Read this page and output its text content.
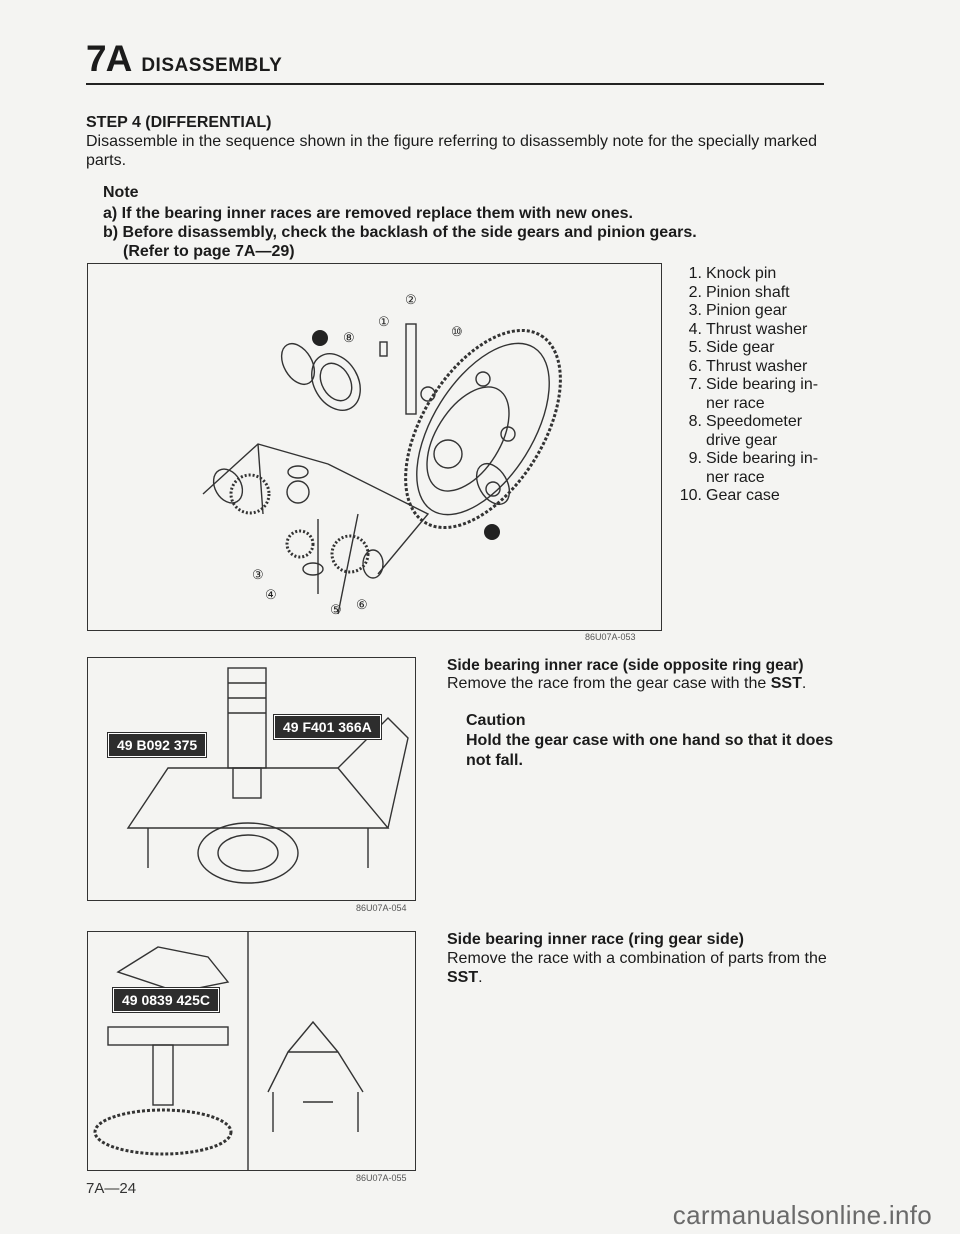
7A DISASSEMBLY
STEP 4 (DIFFERENTIAL)
Disassemble in the sequence shown in the figure referring to disassembly note for the specially marked parts.
Note
a) If the bearing inner races are removed replace them with new ones.
b) Before disassembly, check the backlash of the side gears and pinion gears.
(Refer to page 7A—29)
②
①
⑧	⑩
③
④
⑤ ⑥
86U07A-053
1. Knock pin
2. Pinion shaft
3. Pinion gear
4. Thrust washer
5. Side gear
6. Thrust washer
7. Side bearing in- ner race
8. Speedometer drive gear
9. Side bearing in- ner race
10. Gear case
49 B092 375
49 F401 366A
86U07A-054
Side bearing inner race (side opposite ring gear)
Remove the race from the gear case with the SST.
Caution
Hold the gear case with one hand so that it does not fall.
49 0839 425C
86U07A-055
Side bearing inner race (ring gear side)
Remove the race with a combination of parts from the SST.
7A—24
carmanualsonline.info
